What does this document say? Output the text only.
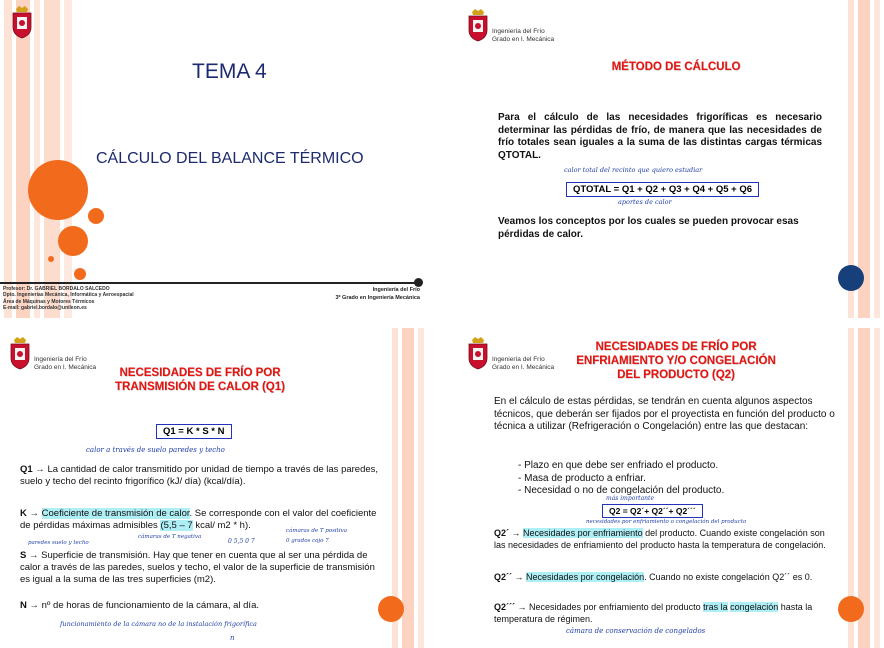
TEMA 4
CÁLCULO DEL BALANCE TÉRMICO
Profesor: Dr. GABRIEL BORDALO SALCEDO
Dpto. Ingenierías Mecánica, Informática y Aeroespacial
Área de Máquinas y Motores Térmicos
E-mail: gabriel.bordalo@unileon.es
Ingeniería del Frío
3º Grado en Ingeniería Mecánica
Ingeniería del Frío
Grado en I. Mecánica
MÉTODO DE CÁLCULO

Para el cálculo de las necesidades frigoríficas es necesario determinar las pérdidas de frío, de manera que las necesidades de frío totales sean iguales a la suma de las distintas cargas térmicas QTOTAL.

calor total del recinto que quiero estudiar
QTOTAL = Q1 + Q2 + Q3 + Q4 + Q5 + Q6
aportes de calor

Veamos los conceptos por los cuales se pueden provocar esas pérdidas de calor.

Ingeniería del Frío
Grado en I. Mecánica	NECESIDADES DE FRÍO POR
TRANSMISIÓN DE CALOR (Q1)
Q1 = K * S * N
calor a través de suelo paredes y techo

Q1 → La cantidad de calor transmitido por unidad de tiempo a través de las paredes, suelo y techo del recinto frigorífico (kJ/ día) (kcal/día).

K → Coeficiente de transmisión de calor. Se corresponde con el valor del coeficiente de pérdidas máximas admisibles (5,5 – 7 kcal/ m2 * h).

paredes suelo y techo
cámaras de T negativa
0 5,5 0 7
cámaras de T positiva
0 grados cojo 7

S → Superficie de transmisión. Hay que tener en cuenta que al ser una pérdida de calor a través de las paredes, suelos y techo, el valor de la superficie de transmisión es igual a la suma de las tres superficies (m2).

N → nº de horas de funcionamiento de la cámara, al día.

funcionamiento de la cámara no de la instalación frigorífica
n
Ingeniería del Frío
Grado en I. Mecánica
NECESIDADES DE FRÍO POR
ENFRIAMIENTO Y/O CONGELACIÓN
DEL PRODUCTO (Q2)

En el cálculo de estas pérdidas, se tendrán en cuenta algunos aspectos técnicos, que deberán ser fijados por el proyectista en función del producto o técnica a utilizar (Refrigeración o Congelación) entre las que destacan:

- Plazo en que debe ser enfriado el producto.
- Masa de producto a enfriar.
- Necesidad o no de congelación del producto.
más importante
Q2 = Q2´+ Q2´´+ Q2´´´
necesidades por enfriamiento o congelación del producto

Q2´ → Necesidades por enfriamiento del producto. Cuando existe congelación son las necesidades de enfriamiento del producto hasta la temperatura de congelación.

Q2´´ → Necesidades por congelación. Cuando no existe congelación Q2´´ es 0.

Q2´´´ → Necesidades por enfriamiento del producto tras la congelación hasta la temperatura de régimen.

cámara de conservación de congelados
